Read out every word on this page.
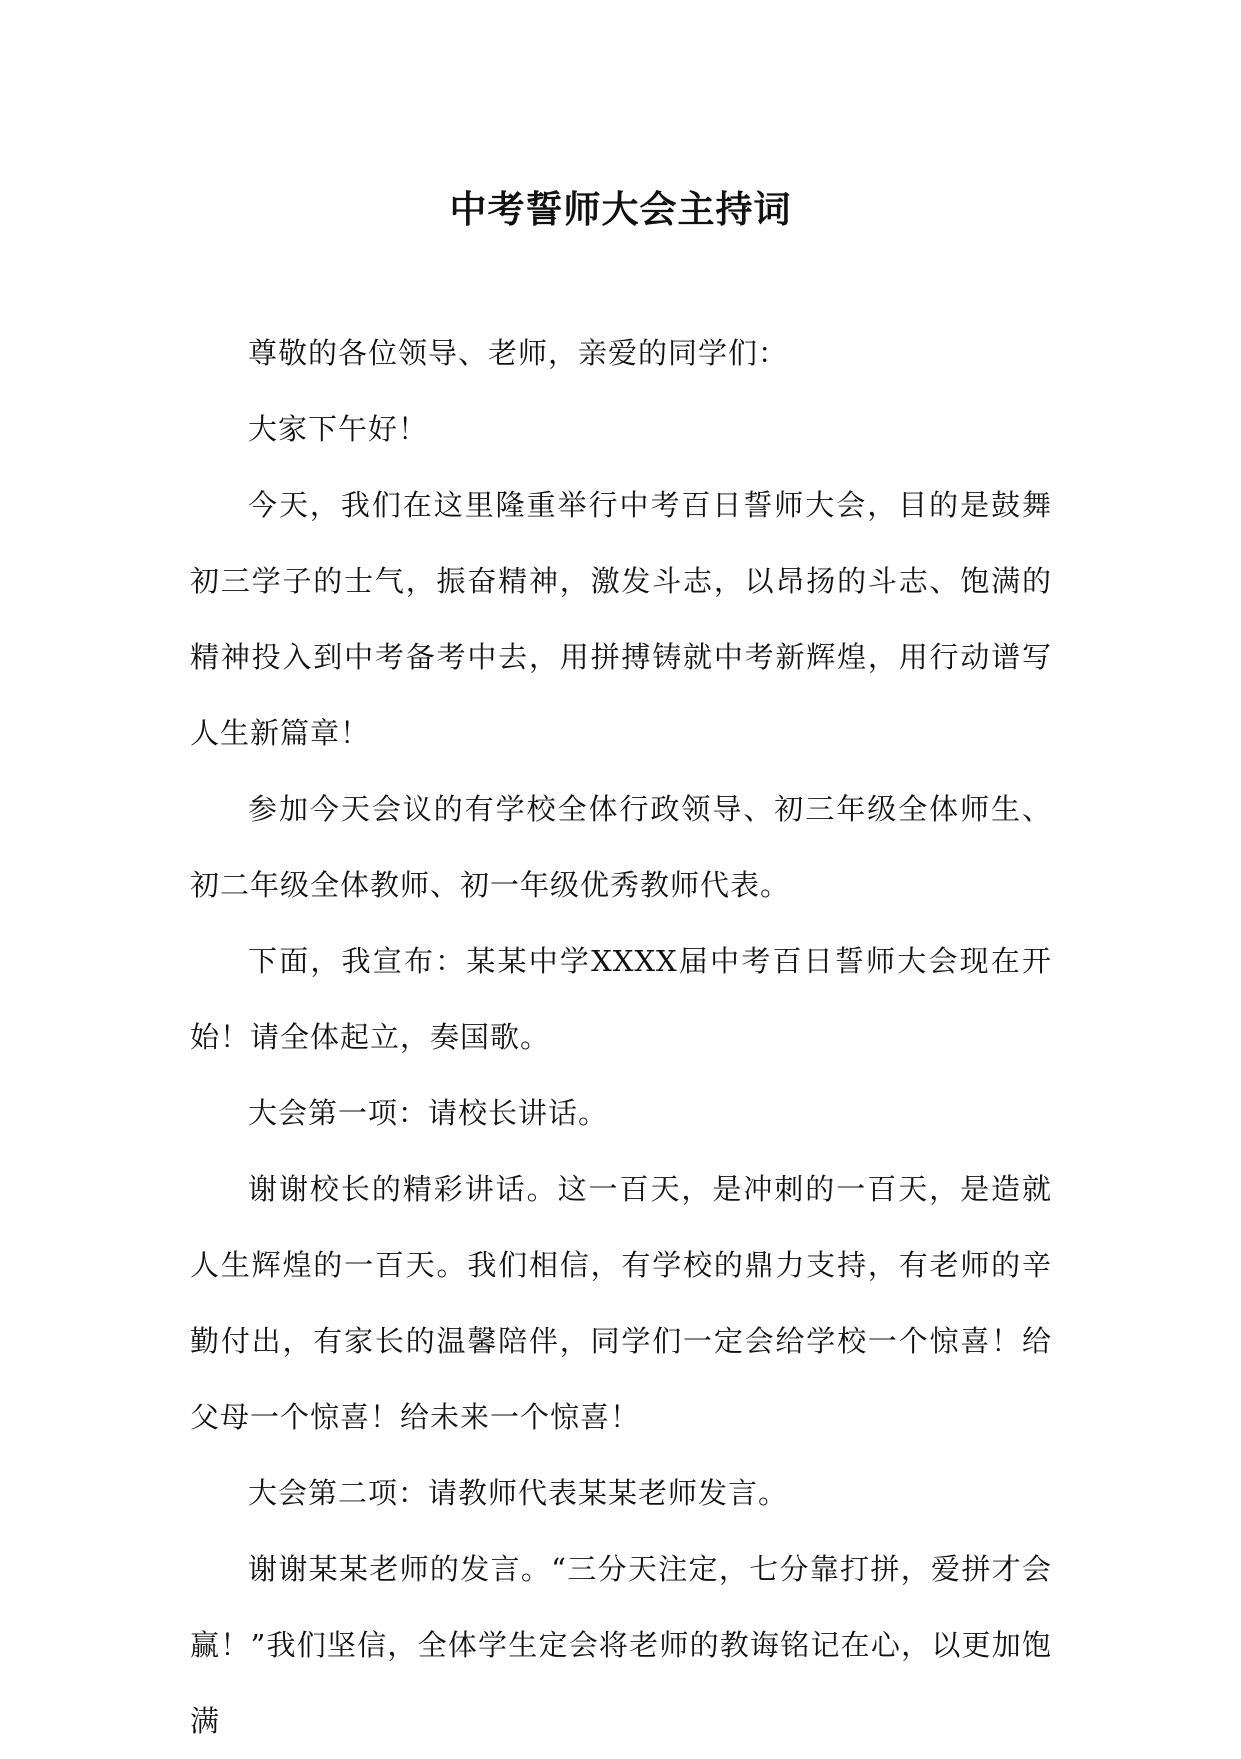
中考誓师大会主持词

尊敬的各位领导、老师，亲爱的同学们：

大家下午好！

今天，我们在这里隆重举行中考百日誓师大会，目的是鼓舞初三学子的士气，振奋精神，激发斗志，以昂扬的斗志、饱满的精神投入到中考备考中去，用拼搏铸就中考新辉煌，用行动谱写人生新篇章！

参加今天会议的有学校全体行政领导、初三年级全体师生、初二年级全体教师、初一年级优秀教师代表。

下面，我宣布：某某中学XXXX届中考百日誓师大会现在开始！请全体起立，奏国歌。

大会第一项：请校长讲话。

谢谢校长的精彩讲话。这一百天，是冲刺的一百天，是造就人生辉煌的一百天。我们相信，有学校的鼎力支持，有老师的辛勤付出，有家长的温馨陪伴，同学们一定会给学校一个惊喜！给父母一个惊喜！给未来一个惊喜！

大会第二项：请教师代表某某老师发言。

谢谢某某老师的发言。“三分天注定，七分靠打拼，爱拼才会赢！”我们坚信，全体学生定会将老师的教诲铭记在心，以更加饱满
